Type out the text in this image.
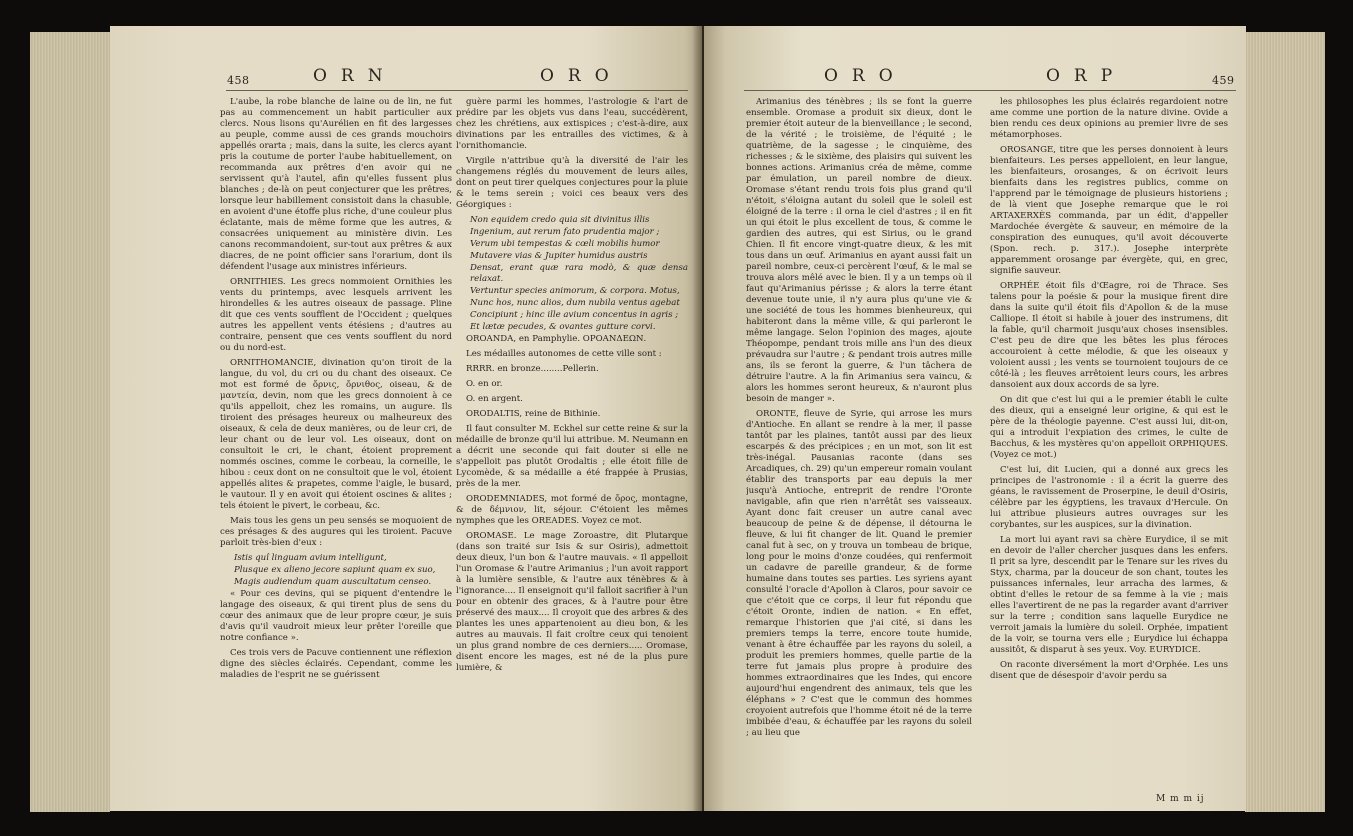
458	ORN	ORO

L'aube, la robe blanche de laine ou de lin, ne fut pas au commencement un habit particulier aux clercs. Nous lisons qu'Aurélien en fit des largesses au peuple, comme aussi de ces grands mouchoirs appellés orarta ; mais, dans la suite, les clercs ayant pris la coutume de porter l'aube habituellement, on recommanda aux prêtres d'en avoir qui ne servissent qu'à l'autel, afin qu'elles fussent plus blanches ; de-là on peut conjecturer que les prêtres, lorsque leur habillement consistoit dans la chasuble, en avoient d'une étoffe plus riche, d'une couleur plus éclatante, mais de même forme que les autres, & consacrées uniquement au ministère divin. Les canons recommandoient, sur-tout aux prêtres & aux diacres, de ne point officier sans l'orarium, dont ils défendent l'usage aux ministres inférieurs.

ORNITHIES. Les grecs nommoient Ornithies les vents du printemps, avec lesquels arrivent les hirondelles & les autres oiseaux de passage. Pline dit que ces vents soufflent de l'Occident ; quelques autres les appellent vents étésiens ; d'autres au contraire, pensent que ces vents soufflent du nord ou du nord-est.

ORNITHOMANCIE, divination qu'on tiroit de la langue, du vol, du cri ou du chant des oiseaux. Ce mot est formé de ὄρνις, ὄρνιθος, oiseau, & de μαντεία, devin, nom que les grecs donnoient à ce qu'ils appelloit, chez les romains, un augure. Ils tiroient des présages heureux ou malheureux des oiseaux, & cela de deux manières, ou de leur cri, de leur chant ou de leur vol. Les oiseaux, dont on consultoit le cri, le chant, étoient proprement nommés oscines, comme le corbeau, la corneille, le hibou : ceux dont on ne consultoit que le vol, étoient appellés alites & prapetes, comme l'aigle, le busard, le vautour. Il y en avoit qui étoient oscines & alites ; tels étoient le pivert, le corbeau, &c.

Mais tous les gens un peu sensés se moquoient de ces présages & des augures qui les tiroient. Pacuve parloit très-bien d'eux :

Istis quî linguam avium intelligunt,

Plusque ex alieno jecore sapiunt quam ex suo,

Magis audiendum quam auscultatum censeo.

« Pour ces devins, qui se piquent d'entendre le langage des oiseaux, & qui tirent plus de sens du cœur des animaux que de leur propre cœur, je suis d'avis qu'il vaudroit mieux leur prêter l'oreille que notre confiance ».

Ces trois vers de Pacuve contiennent une réflexion digne des siècles éclairés. Cependant, comme les maladies de l'esprit ne se guérissent

guère parmi les hommes, l'astrologie & l'art de prédire par les objets vus dans l'eau, succédèrent, chez les chrétiens, aux extispices ; c'est-à-dire, aux divinations par les entrailles des victimes, & à l'ornithomancie.

Virgile n'attribue qu'à la diversité de l'air les changemens réglés du mouvement de leurs ailes, dont on peut tirer quelques conjectures pour la pluie & le tems serein ; voici ces beaux vers des Géorgiques :

Non equidem credo quia sit divinitus illis

Ingenium, aut rerum fato prudentia major ;

Verum ubi tempestas & cœli mobilis humor

Mutavere vias & Jupiter humidus austris

Densat, erant quæ rara modò, & quæ densa relaxat.

Vertuntur species animorum, & corpora. Motus,

Nunc hos, nunc alios, dum nubila ventus agebat

Concipiunt ; hinc ille avium concentus in agris ;

Et lætæ pecudes, & ovantes gutture corvi.

OROANDA, en Pamphylie. ΟΡΟΑΝΔΕΩΝ.

Les médailles autonomes de cette ville sont :

RRRR. en bronze........Pellerin.

O. en or.

O. en argent.

ORODALTIS, reine de Bithinie.

Il faut consulter M. Eckhel sur cette reine & sur la médaille de bronze qu'il lui attribue. M. Neumann en a décrit une seconde qui fait douter si elle ne s'appelloit pas plutôt Orodaltis ; elle étoit fille de Lycomède, & sa médaille a été frappée à Prusias, près de la mer.

ORODEMNIADES, mot formé de ὄρος, montagne, & de δέμνιον, lit, séjour. C'étoient les mêmes nymphes que les OREADES. Voyez ce mot.

OROMASE. Le mage Zoroastre, dit Plutarque (dans son traité sur Isis & sur Osiris), admettoit deux dieux, l'un bon & l'autre mauvais. « Il appelloit l'un Oromase & l'autre Arimanius ; l'un avoit rapport à la lumière sensible, & l'autre aux ténèbres & à l'ignorance.... Il enseignoit qu'il falloit sacrifier à l'un pour en obtenir des graces, & à l'autre pour être préservé des maux.... Il croyoit que des arbres & des plantes les unes appartenoient au dieu bon, & les autres au mauvais. Il fait croître ceux qui tenoient un plus grand nombre de ces derniers..... Oromase, disent encore les mages, est né de la plus pure lumière, &

ORO	ORP	459

Arimanius des ténèbres ; ils se font la guerre ensemble. Oromase a produit six dieux, dont le premier étoit auteur de la bienveillance ; le second, de la vérité ; le troisième, de l'équité ; le quatrième, de la sagesse ; le cinquième, des richesses ; & le sixième, des plaisirs qui suivent les bonnes actions. Arimanius créa de même, comme par émulation, un pareil nombre de dieux. Oromase s'étant rendu trois fois plus grand qu'il n'étoit, s'éloigna autant du soleil que le soleil est éloigné de la terre : il orna le ciel d'astres ; il en fit un qui étoit le plus excellent de tous, & comme le gardien des autres, qui est Sirius, ou le grand Chien. Il fit encore vingt-quatre dieux, & les mit tous dans un œuf. Arimanius en ayant aussi fait un pareil nombre, ceux-ci percèrent l'œuf, & le mal se trouva alors mêlé avec le bien. Il y a un temps où il faut qu'Arimanius périsse ; & alors la terre étant devenue toute unie, il n'y aura plus qu'une vie & une société de tous les hommes bienheureux, qui habiteront dans la même ville, & qui parleront le même langage. Selon l'opinion des mages, ajoute Théopompe, pendant trois mille ans l'un des dieux prévaudra sur l'autre ; & pendant trois autres mille ans, ils se feront la guerre, & l'un tâchera de détruire l'autre. A la fin Arimanius sera vaincu, & alors les hommes seront heureux, & n'auront plus besoin de manger ».

ORONTE, fleuve de Syrie, qui arrose les murs d'Antioche. En allant se rendre à la mer, il passe tantôt par les plaines, tantôt aussi par des lieux escarpés & des précipices ; en un mot, son lit est très-inégal. Pausanias raconte (dans ses Arcadiques, ch. 29) qu'un empereur romain voulant établir des transports par eau depuis la mer jusqu'à Antioche, entreprit de rendre l'Oronte navigable, afin que rien n'arrêtât ses vaisseaux. Ayant donc fait creuser un autre canal avec beaucoup de peine & de dépense, il détourna le fleuve, & lui fit changer de lit. Quand le premier canal fut à sec, on y trouva un tombeau de brique, long pour le moins d'onze coudées, qui renfermoit un cadavre de pareille grandeur, & de forme humaine dans toutes ses parties. Les syriens ayant consulté l'oracle d'Apollon à Claros, pour savoir ce que c'étoit que ce corps, il leur fut répondu que c'étoit Oronte, indien de nation. « En effet, remarque l'historien que j'ai cité, si dans les premiers temps la terre, encore toute humide, venant à être échauffée par les rayons du soleil, a produit les premiers hommes, quelle partie de la terre fut jamais plus propre à produire des hommes extraordinaires que les Indes, qui encore aujourd'hui engendrent des animaux, tels que les éléphans » ? C'est que le commun des hommes croyoient autrefois que l'homme étoit né de la terre imbibée d'eau, & échauffée par les rayons du soleil ; au lieu que

les philosophes les plus éclairés regardoient notre ame comme une portion de la nature divine. Ovide a bien rendu ces deux opinions au premier livre de ses métamorphoses.

OROSANGE, titre que les perses donnoient à leurs bienfaiteurs. Les perses appelloient, en leur langue, les bienfaiteurs, orosanges, & on écrivoit leurs bienfaits dans les registres publics, comme on l'apprend par le témoignage de plusieurs historiens ; de là vient que Josephe remarque que le roi ARTAXERXÈS commanda, par un édit, d'appeller Mardochée évergète & sauveur, en mémoire de la conspiration des eunuques, qu'il avoit découverte (Spon. rech. p. 317.). Josephe interprète apparemment orosange par évergète, qui, en grec, signifie sauveur.

ORPHÉE étoit fils d'Œagre, roi de Thrace. Ses talens pour la poésie & pour la musique firent dire dans la suite qu'il étoit fils d'Apollon & de la muse Calliope. Il étoit si habile à jouer des instrumens, dit la fable, qu'il charmoit jusqu'aux choses insensibles. C'est peu de dire que les bêtes les plus féroces accouroient à cette mélodie, & que les oiseaux y voloient aussi ; les vents se tournoient toujours de ce côté-là ; les fleuves arrêtoient leurs cours, les arbres dansoient aux doux accords de sa lyre.

On dit que c'est lui qui a le premier établi le culte des dieux, qui a enseigné leur origine, & qui est le père de la théologie payenne. C'est aussi lui, dit-on, qui a introduit l'expiation des crimes, le culte de Bacchus, & les mystères qu'on appelloit ORPHIQUES. (Voyez ce mot.)

C'est lui, dit Lucien, qui a donné aux grecs les principes de l'astronomie : il a écrit la guerre des géans, le ravissement de Proserpine, le deuil d'Osiris, célèbre par les égyptiens, les travaux d'Hercule. On lui attribue plusieurs autres ouvrages sur les corybantes, sur les auspices, sur la divination.

La mort lui ayant ravi sa chère Eurydice, il se mit en devoir de l'aller chercher jusques dans les enfers. Il prit sa lyre, descendit par le Tenare sur les rives du Styx, charma, par la douceur de son chant, toutes les puissances infernales, leur arracha des larmes, & obtint d'elles le retour de sa femme à la vie ; mais elles l'avertirent de ne pas la regarder avant d'arriver sur la terre ; condition sans laquelle Eurydice ne verroit jamais la lumière du soleil. Orphée, impatient de la voir, se tourna vers elle ; Eurydice lui échappa aussitôt, & disparut à ses yeux. Voy. EURYDICE.

On raconte diversément la mort d'Orphée. Les uns disent que de désespoir d'avoir perdu sa

M m m ij
